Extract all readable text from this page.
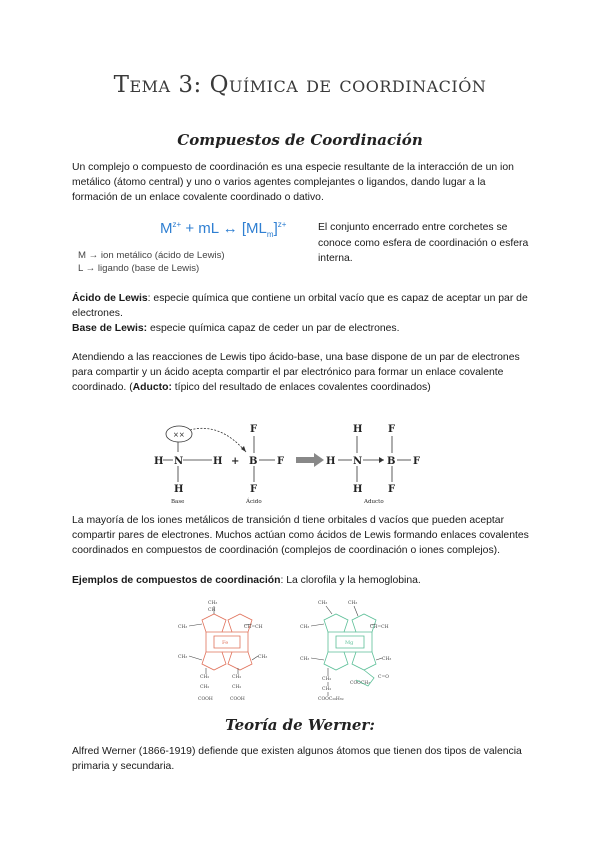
Tema 3: Química de coordinación
Compuestos de Coordinación

Un complejo o compuesto de coordinación es una especie resultante de la interacción de un ion metálico (átomo central) y uno o varios agentes complejantes o ligandos, dando lugar a la formación de un enlace covalente coordinado o dativo.

$M^{z+}$ + mL ↔ $[ML_m]^{z+}$
M → ion metálico (ácido de Lewis)
L → ligando (base de Lewis)

El conjunto encerrado entre corchetes se conoce como esfera de coordinación o esfera interna.

Ácido de Lewis: especie química que contiene un orbital vacío que es capaz de aceptar un par de electrones.

Base de Lewis: especie química capaz de ceder un par de electrones.

Atendiendo a las reacciones de Lewis tipo ácido-base, una base dispone de un par de electrones para compartir y un ácido acepta compartir el par electrónico para formar un enlace covalente coordinado. (Aducto: típico del resultado de enlaces covalentes coordinados)

××
H N	H
H
+ B
F
F
F
Base	Ácido
H N
H
H
B
F
F
F
Aducto

La mayoría de los iones metálicos de transición d tiene orbitales d vacíos que pueden aceptar compartir pares de electrones. Muchos actúan como ácidos de Lewis formando enlaces covalentes coordinados en compuestos de coordinación (complejos de coordinación o iones complejos).

Ejemplos de compuestos de coordinación: La clorofila y la hemoglobina.

CH3
CH
CH=CH
CH3
CH3	CH3
CH₂	CH₂
CH₂	CH₂
COOH	COOH
Fe
CH3	CH3
CH=CH
CH3
CH3	CH3
CH₂
COOCH₃
CH₂
C=O
COOC₂₀H₃₉
Mg
Teoría de Werner:

Alfred Werner (1866-1919) defiende que existen algunos átomos que tienen dos tipos de valencia primaria y secundaria.
